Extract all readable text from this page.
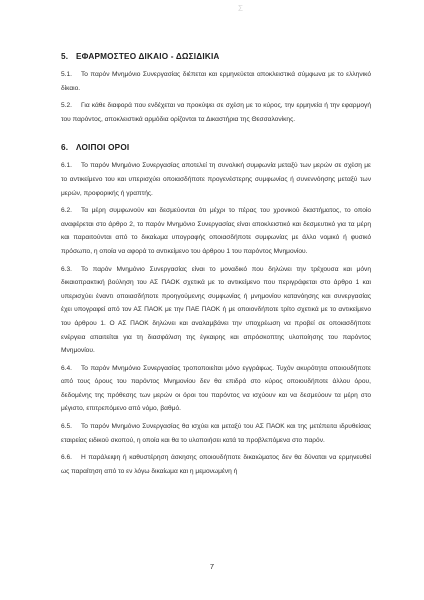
Σ
5. ΕΦΑΡΜΟΣΤΕΟ ΔΙΚΑΙΟ - ΔΩΣΙΔΙΚΙΑ

5.1. Το παρόν Μνημόνιο Συνεργασίας διέπεται και ερμηνεύεται αποκλειστικά σύμφωνα με το ελληνικό δίκαιο.

5.2. Για κάθε διαφορά που ενδέχεται να προκύψει σε σχέση με το κύρος, την ερμηνεία ή την εφαρμογή του παρόντος, αποκλειστικά αρμόδια ορίζονται τα Δικαστήρια της Θεσσαλονίκης.

6. ΛΟΙΠΟΙ ΟΡΟΙ

6.1. Το παρόν Μνημόνιο Συνεργασίας αποτελεί τη συνολική συμφωνία μεταξύ των μερών σε σχέση με το αντικείμενο του και υπερισχύει οποιασδήποτε προγενέστερης συμφωνίας ή συνεννόησης μεταξύ των μερών, προφορικής ή γραπτής.

6.2. Τα μέρη συμφωνούν και δεσμεύονται ότι μέχρι το πέρας του χρονικού διαστήματος, το οποίο αναφέρεται στο άρθρο 2, το παρόν Μνημόνιο Συνεργασίας είναι αποκλειστικό και δεσμευτικό για τα μέρη και παραιτούνται από το δικαίωμα υπογραφής οποιασδήποτε συμφωνίας με άλλο νομικό ή φυσικό πρόσωπο, η οποία να αφορά το αντικείμενο του άρθρου 1 του παρόντος Μνημονίου.

6.3. Το παρόν Μνημόνιο Συνεργασίας είναι το μοναδικό που δηλώνει την τρέχουσα και μόνη δικαιοπρακτική βούληση του ΑΣ ΠΑΟΚ σχετικά με το αντικείμενο που περιγράφεται στο άρθρο 1 και υπερισχύει έναντι οποιασδήποτε προηγούμενης συμφωνίας ή μνημονίου κατανόησης και συνεργασίας έχει υπογραφεί από τον ΑΣ ΠΑΟΚ με την ΠΑΕ ΠΑΟΚ ή με οποιονδήποτε τρίτο σχετικά με το αντικείμενο του άρθρου 1. Ο ΑΣ ΠΑΟΚ δηλώνει και αναλαμβάνει την υποχρέωση να προβεί σε οποιασδήποτε ενέργεια απαιτείται για τη διασφάλιση της έγκαιρης και απρόσκοπτης υλοποίησης του παρόντος Μνημονίου.

6.4. Το παρόν Μνημόνιο Συνεργασίας τροποποιείται μόνο εγγράφως. Τυχόν ακυρότητα οποιουδήποτε από τους όρους του παρόντος Μνημονίου δεν θα επιδρά στο κύρος οποιουδήποτε άλλου όρου, δεδομένης της πρόθεσης των μερών οι όροι του παρόντος να ισχύουν και να δεσμεύουν τα μέρη στο μέγιστο, επιτρεπόμενο από νόμο, βαθμό.

6.5. Το παρόν Μνημόνιο Συνεργασίας θα ισχύει και μεταξύ του ΑΣ ΠΑΟΚ και της μετέπειτα ιδρυθείσας εταιρείας ειδικού σκοπού, η οποία και θα το υλοποιήσει κατά τα προβλεπόμενα στο παρόν.

6.6. Η παράλειψη ή καθυστέρηση άσκησης οποιουδήποτε δικαιώματος δεν θα δύναται να ερμηνευθεί ως παραίτηση από το εν λόγω δικαίωμα και η μεμονωμένη ή

7
